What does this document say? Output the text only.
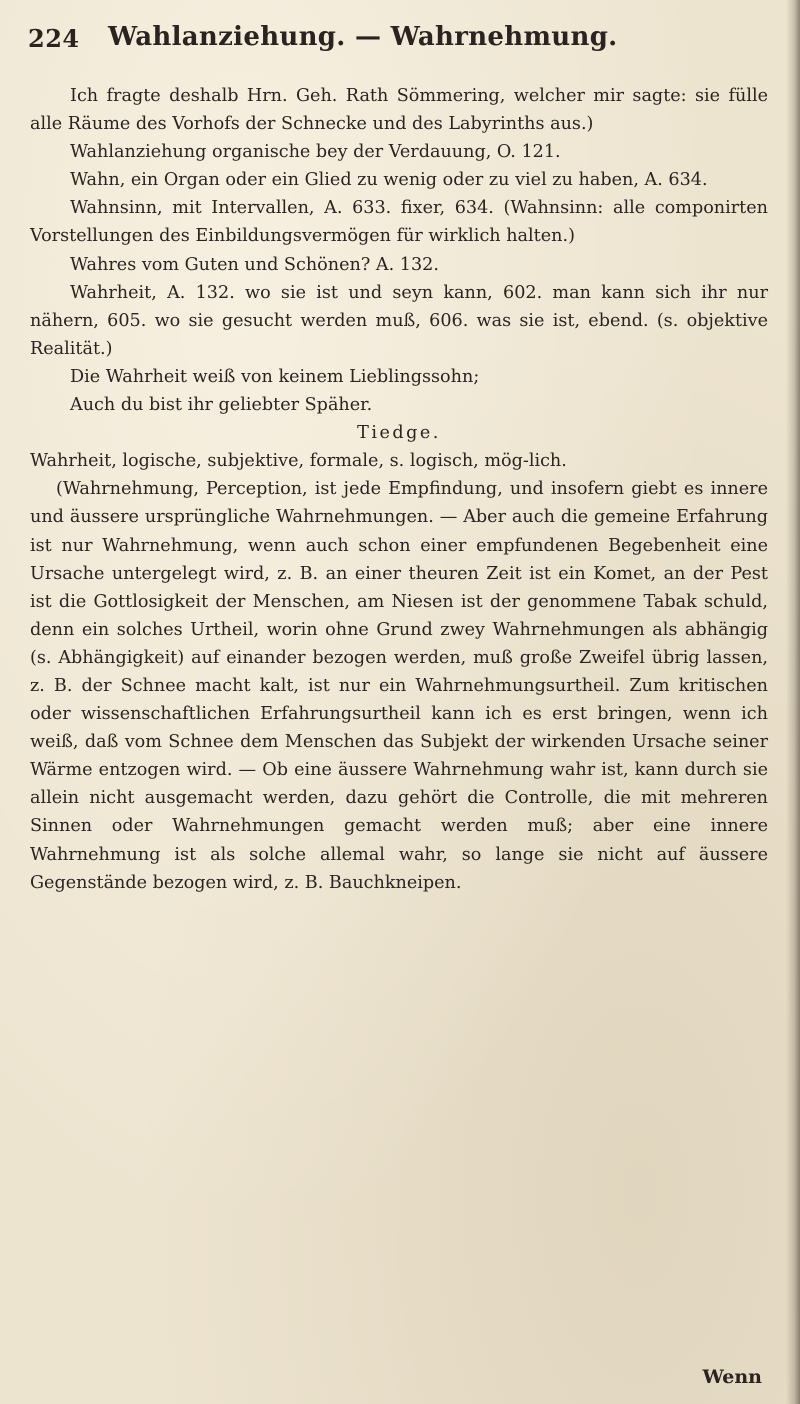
224 Wahlanziehung. — Wahrnehmung.

Ich fragte deshalb Hrn. Geh. Rath Sömmering, welcher mir sagte: sie fülle alle Räume des Vorhofs der Schnecke und des Labyrinths aus.)

Wahlanziehung organische bey der Verdauung, O. 121.

Wahn, ein Organ oder ein Glied zu wenig oder zu viel zu haben, A. 634.

Wahnsinn, mit Intervallen, A. 633. fixer, 634. (Wahnsinn: alle componirten Vorstellungen des Einbildungsvermögen für wirklich halten.)

Wahres vom Guten und Schönen? A. 132.

Wahrheit, A. 132. wo sie ist und seyn kann, 602. man kann sich ihr nur nähern, 605. wo sie gesucht werden muß, 606. was sie ist, ebend. (s. objektive Realität.)

Die Wahrheit weiß von keinem Lieblingssohn;

Auch du bist ihr geliebter Späher.

Tiedge.

Wahrheit, logische, subjektive, formale, s. logisch, mög-lich.

(Wahrnehmung, Perception, ist jede Empfindung, und insofern giebt es innere und äussere ursprüngliche Wahrnehmungen. — Aber auch die gemeine Erfahrung ist nur Wahrnehmung, wenn auch schon einer empfundenen Begebenheit eine Ursache untergelegt wird, z. B. an einer theuren Zeit ist ein Komet, an der Pest ist die Gottlosigkeit der Menschen, am Niesen ist der genommene Tabak schuld, denn ein solches Urtheil, worin ohne Grund zwey Wahrnehmungen als abhängig (s. Abhängigkeit) auf einander bezogen werden, muß große Zweifel übrig lassen, z. B. der Schnee macht kalt, ist nur ein Wahrnehmungsurtheil. Zum kritischen oder wissenschaftlichen Erfahrungsurtheil kann ich es erst bringen, wenn ich weiß, daß vom Schnee dem Menschen das Subjekt der wirkenden Ursache seiner Wärme entzogen wird. — Ob eine äussere Wahrnehmung wahr ist, kann durch sie allein nicht ausgemacht werden, dazu gehört die Controlle, die mit mehreren Sinnen oder Wahrnehmungen gemacht werden muß; aber eine innere Wahrnehmung ist als solche allemal wahr, so lange sie nicht auf äussere Gegenstände bezogen wird, z. B. Bauchkneipen.

Wenn
